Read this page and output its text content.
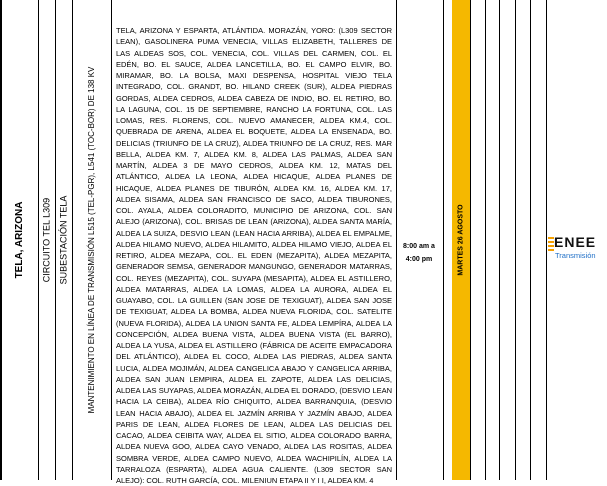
TELA, ARIZONA CIRCUITO TEL L309 SUBESTACIÓN TELA MANTENIMIENTO EN LÍNEA DE TRANSMISIÓN L515 (TEL-PGR), L541 (TOC-BOR) DE 138 KV
TELA, ARIZONA Y ESPARTA, ATLÁNTIDA. MORAZÁN, YORO: (L309 SECTOR LEAN), GASOLINERA PUMA VENECIA, VILLAS ELIZABETH, TALLERES DE LAS ALDEAS SOS, COL. VENECIA, COL. VILLAS DEL CARMEN, COL. EL EDÉN, BO. EL SAUCE, ALDEA LANCETILLA, BO. EL CAMPO ELVIR, BO. MIRAMAR, BO. LA BOLSA, MAXI DESPENSA, HOSPITAL VIEJO TELA INTEGRADO, COL. GRANDT, BO. HILAND CREEK (SUR), ALDEA PIEDRAS GORDAS, ALDEA CEDROS, ALDEA CABEZA DE INDIO, BO. EL RETIRO, BO. LA LAGUNA, COL. 15 DE SEPTIEMBRE, RANCHO LA FORTUNA, COL. LAS LOMAS, RES. FLORENS, COL. NUEVO AMANECER, ALDEA KM.4, COL. QUEBRADA DE ARENA, ALDEA EL BOQUETE, ALDEA LA ENSENADA, BO. DELICIAS (TRIUNFO DE LA CRUZ), ALDEA TRIUNFO DE LA CRUZ, RES. MAR BELLA, ALDEA KM. 7, ALDEA KM. 8, ALDEA LAS PALMAS, ALDEA SAN MARTÍN, ALDEA 3 DE MAYO CEDROS, ALDEA KM. 12, MATAS DEL ATLÁNTICO, ALDEA LA LEONA, ALDEA HICAQUE, ALDEA PLANES DE HICAQUE, ALDEA PLANES DE TIBURÓN, ALDEA KM. 16, ALDEA KM. 17, ALDEA SISAMA, ALDEA SAN FRANCISCO DE SACO, ALDEA TIBURONES, COL. AYALA, ALDEA COLORADITO, MUNICIPIO DE ARIZONA, COL. SAN ALEJO (ARIZONA), COL. BRISAS DE LEAN (ARIZONA), ALDEA SANTA MARÍA, ALDEA LA SUIZA, DESVIO LEAN (LEAN HACIA ARRIBA), ALDEA EL EMPALME, ALDEA HILAMO NUEVO, ALDEA HILAMITO, ALDEA HILAMO VIEJO, ALDEA EL RETIRO, ALDEA MEZAPA, COL. EL EDEN (MEZAPITA), ALDEA MEZAPITA, GENERADOR SEMSA, GENERADOR MANGUNGO, GENERADOR MATARRAS, COL. REYES (MEZAPITA), COL. SUYAPA (MESAPITA), ALDEA EL ASTILLERO, ALDEA MATARRAS, ALDEA LA LOMAS, ALDEA LA AURORA, ALDEA EL GUAYABO, COL. LA GUILLEN (SAN JOSE DE TEXIGUAT), ALDEA SAN JOSE DE TEXIGUAT, ALDEA LA BOMBA, ALDEA NUEVA FLORIDA, COL. SATELITE (NUEVA FLORIDA), ALDEA LA UNION SANTA FE, ALDEA LEMPÍRA, ALDEA LA CONCEPCIÓN, ALDEA BUENA VISTA, ALDEA BUENA VISTA (EL BARRO), ALDEA LA YUSA, ALDEA EL ASTILLERO (FÁBRICA DE ACEITE EMPACADORA DEL ATLÁNTICO), ALDEA EL COCO, ALDEA LAS PIEDRAS, ALDEA SANTA LUCIA, ALDEA MOJIMÁN, ALDEA CANGELICA ABAJO Y CANGELICA ARRIBA, ALDEA SAN JUAN LEMPIRA, ALDEA EL ZAPOTE, ALDEA LAS DELICIAS, ALDEA LAS SUYAPAS, ALDEA MORAZÁN, ALDEA EL DORADO, (DESVIO LEAN HACIA LA CEIBA), ALDEA RÍO CHIQUITO, ALDEA BARRANQUIA, (DESVIO LEAN HACIA ABAJO), ALDEA EL JAZMÍN ARRIBA Y JAZMÍN ABAJO, ALDEA PARIS DE LEAN, ALDEA FLORES DE LEAN, ALDEA LAS DELICIAS DEL CACAO, ALDEA CEIBITA WAY, ALDEA EL SITIO, ALDEA COLORADO BARRA, ALDEA NUEVA GOO, ALDEA CAYO VENADO, ALDEA LAS ROSITAS, ALDEA SOMBRA VERDE, ALDEA CAMPO NUEVO, ALDEA WACHIPILÍN, ALDEA LA TARRALOZA (ESPARTA), ALDEA AGUA CALIENTE. (L309 SECTOR SAN ALEJO): COL. RUTH GARCÍA, COL. MILENIUN ETAPA II Y I I, ALDEA KM. 4
8:00 am a
4:00 pm	MARTES 26 AGOSTO	ENEE
Transmisión
